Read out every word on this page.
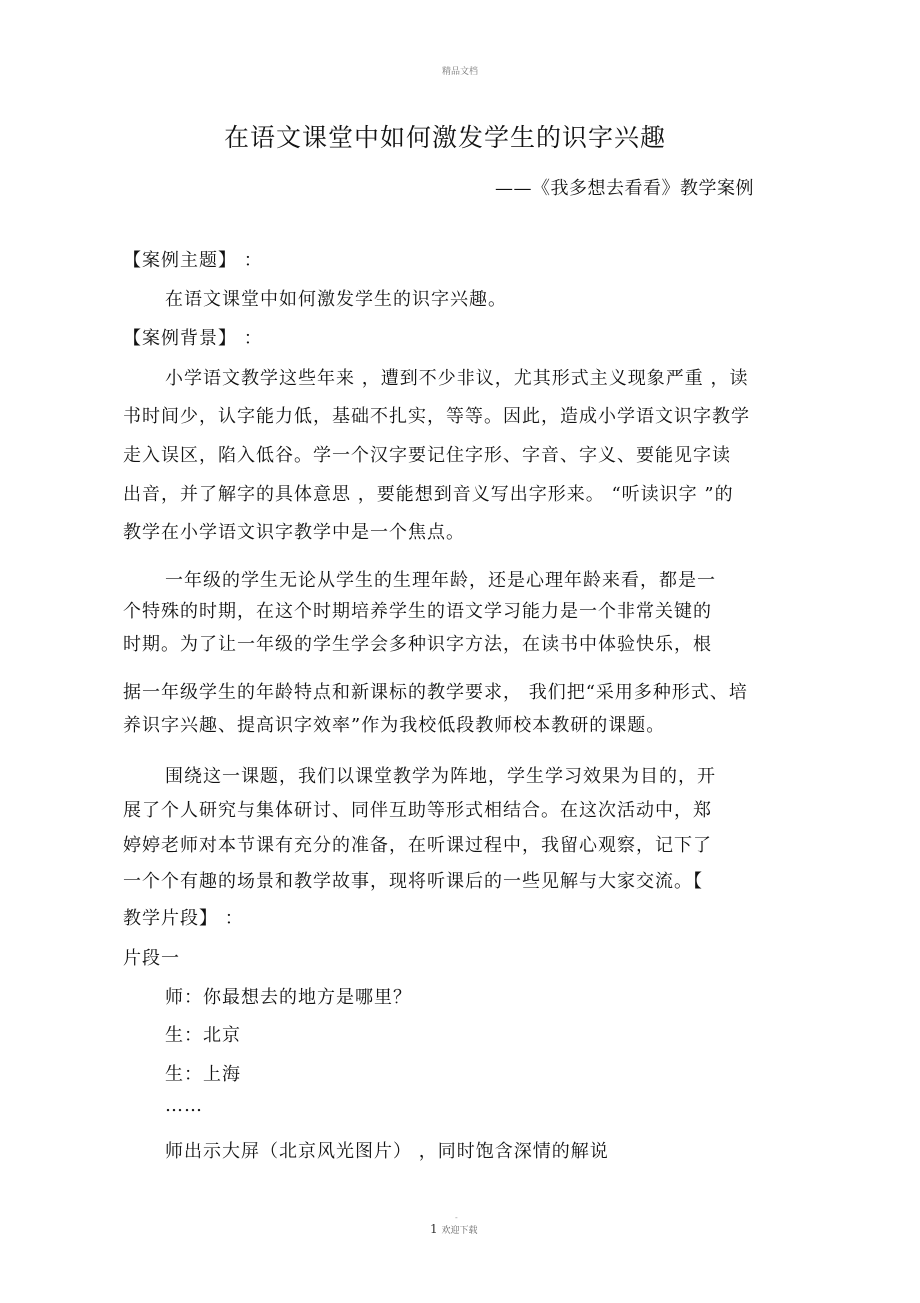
精品文档
在语文课堂中如何激发学生的识字兴趣
——《我多想去看看》教学案例
【案例主题】 ：
在语文课堂中如何激发学生的识字兴趣。
【案例背景】 ：
小学语文教学这些年来 ，遭到不少非议，尤其形式主义现象严重 ，读
书时间少，认字能力低，基础不扎实，等等。因此，造成小学语文识字教学
走入误区，陷入低谷。学一个汉字要记住字形、字音、字义、要能见字读
出音，并了解字的具体意思 ，要能想到音义写出字形来。 “听读识字 ”的
教学在小学语文识字教学中是一个焦点。
一年级的学生无论从学生的生理年龄，还是心理年龄来看，都是一
个特殊的时期，在这个时期培养学生的语文学习能力是一个非常关键的
时期。为了让一年级的学生学会多种识字方法，在读书中体验快乐，根
据一年级学生的年龄特点和新课标的教学要求， 我们把“采用多种形式、培
养识字兴趣、提高识字效率”作为我校低段教师校本教研的课题。
围绕这一课题，我们以课堂教学为阵地，学生学习效果为目的，开
展了个人研究与集体研讨、同伴互助等形式相结合。在这次活动中，郑
婷婷老师对本节课有充分的准备，在听课过程中，我留心观察，记下了
一个个有趣的场景和教学故事，现将听课后的一些见解与大家交流。【
教学片段】 ：
片段一
师：你最想去的地方是哪里？
生：北京
生：上海
……
师出示大屏（北京风光图片） ，同时饱含深情的解说
-
1 欢迎下载
